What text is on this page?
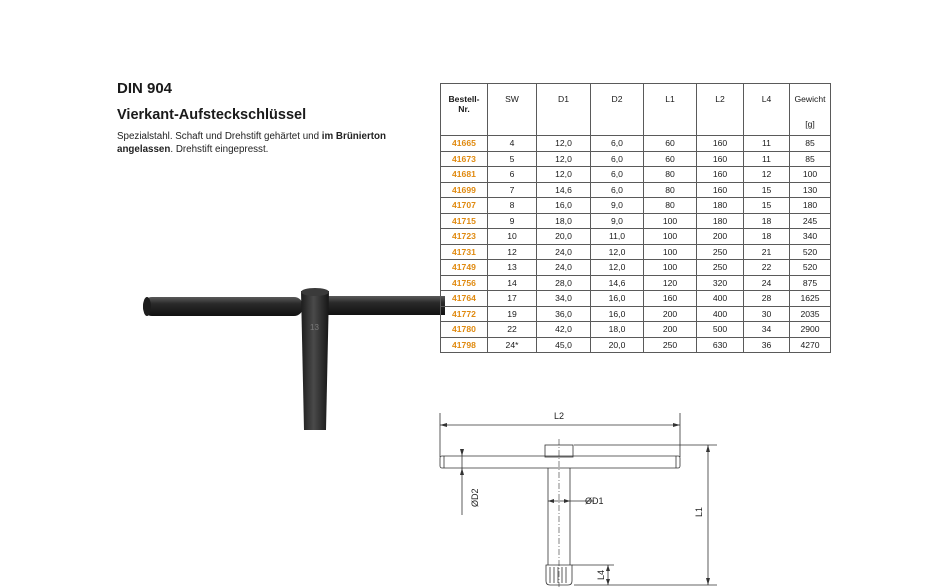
DIN 904
Vierkant-Aufsteckschlüssel
Spezialstahl. Schaft und Drehstift gehärtet und im Brünierton angelassen. Drehstift eingepresst.
13
Bestell-
Nr.	SW	D1	D2	L1	L2	L4	Gewicht
[g]

41665	4	12,0	6,0	60	160	11	85
41673	5	12,0	6,0	60	160	11	85
41681	6	12,0	6,0	80	160	12	100
41699	7	14,6	6,0	80	160	15	130
41707	8	16,0	9,0	80	180	15	180
41715	9	18,0	9,0	100	180	18	245
41723	10	20,0	11,0	100	200	18	340
41731	12	24,0	12,0	100	250	21	520
41749	13	24,0	12,0	100	250	22	520
41756	14	28,0	14,6	120	320	24	875
41764	17	34,0	16,0	160	400	28	1625
41772	19	36,0	16,0	200	400	30	2035
41780	22	42,0	18,0	200	500	34	2900
41798	24*	45,0	20,0	250	630	36	4270
L2
ØD1
ØD2
L1
L4
